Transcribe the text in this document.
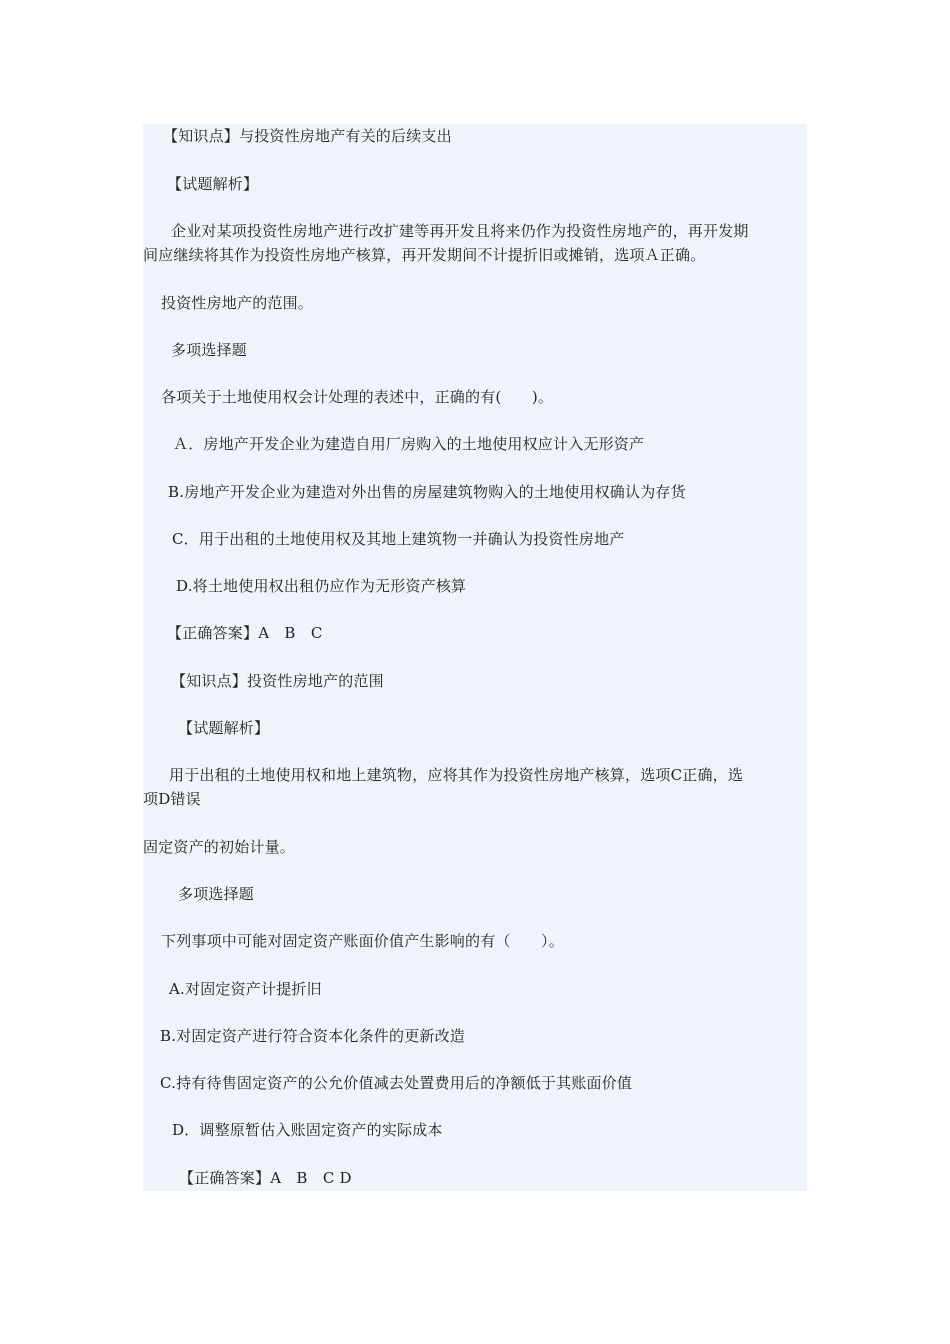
【知识点】与投资性房地产有关的后续支出
【试题解析】
企业对某项投资性房地产进行改扩建等再开发且将来仍作为投资性房地产的，再开发期
间应继续将其作为投资性房地产核算，再开发期间不计提折旧或摊销，选项Ａ正确。
投资性房地产的范围。
多项选择题
各项关于土地使用权会计处理的表述中，正确的有(　　)。
Ａ．房地产开发企业为建造自用厂房购入的土地使用权应计入无形资产
B.房地产开发企业为建造对外出售的房屋建筑物购入的土地使用权确认为存货
C．用于出租的土地使用权及其地上建筑物一并确认为投资性房地产
D.将土地使用权出租仍应作为无形资产核算
【正确答案】A　B　C
【知识点】投资性房地产的范围
【试题解析】
用于出租的土地使用权和地上建筑物，应将其作为投资性房地产核算，选项C正确，选
项D错误
固定资产的初始计量。
多项选择题
下列事项中可能对固定资产账面价值产生影响的有（　　）。
A.对固定资产计提折旧
B.对固定资产进行符合资本化条件的更新改造
C.持有待售固定资产的公允价值减去处置费用后的净额低于其账面价值
D．调整原暂估入账固定资产的实际成本
【正确答案】A　B　C D
